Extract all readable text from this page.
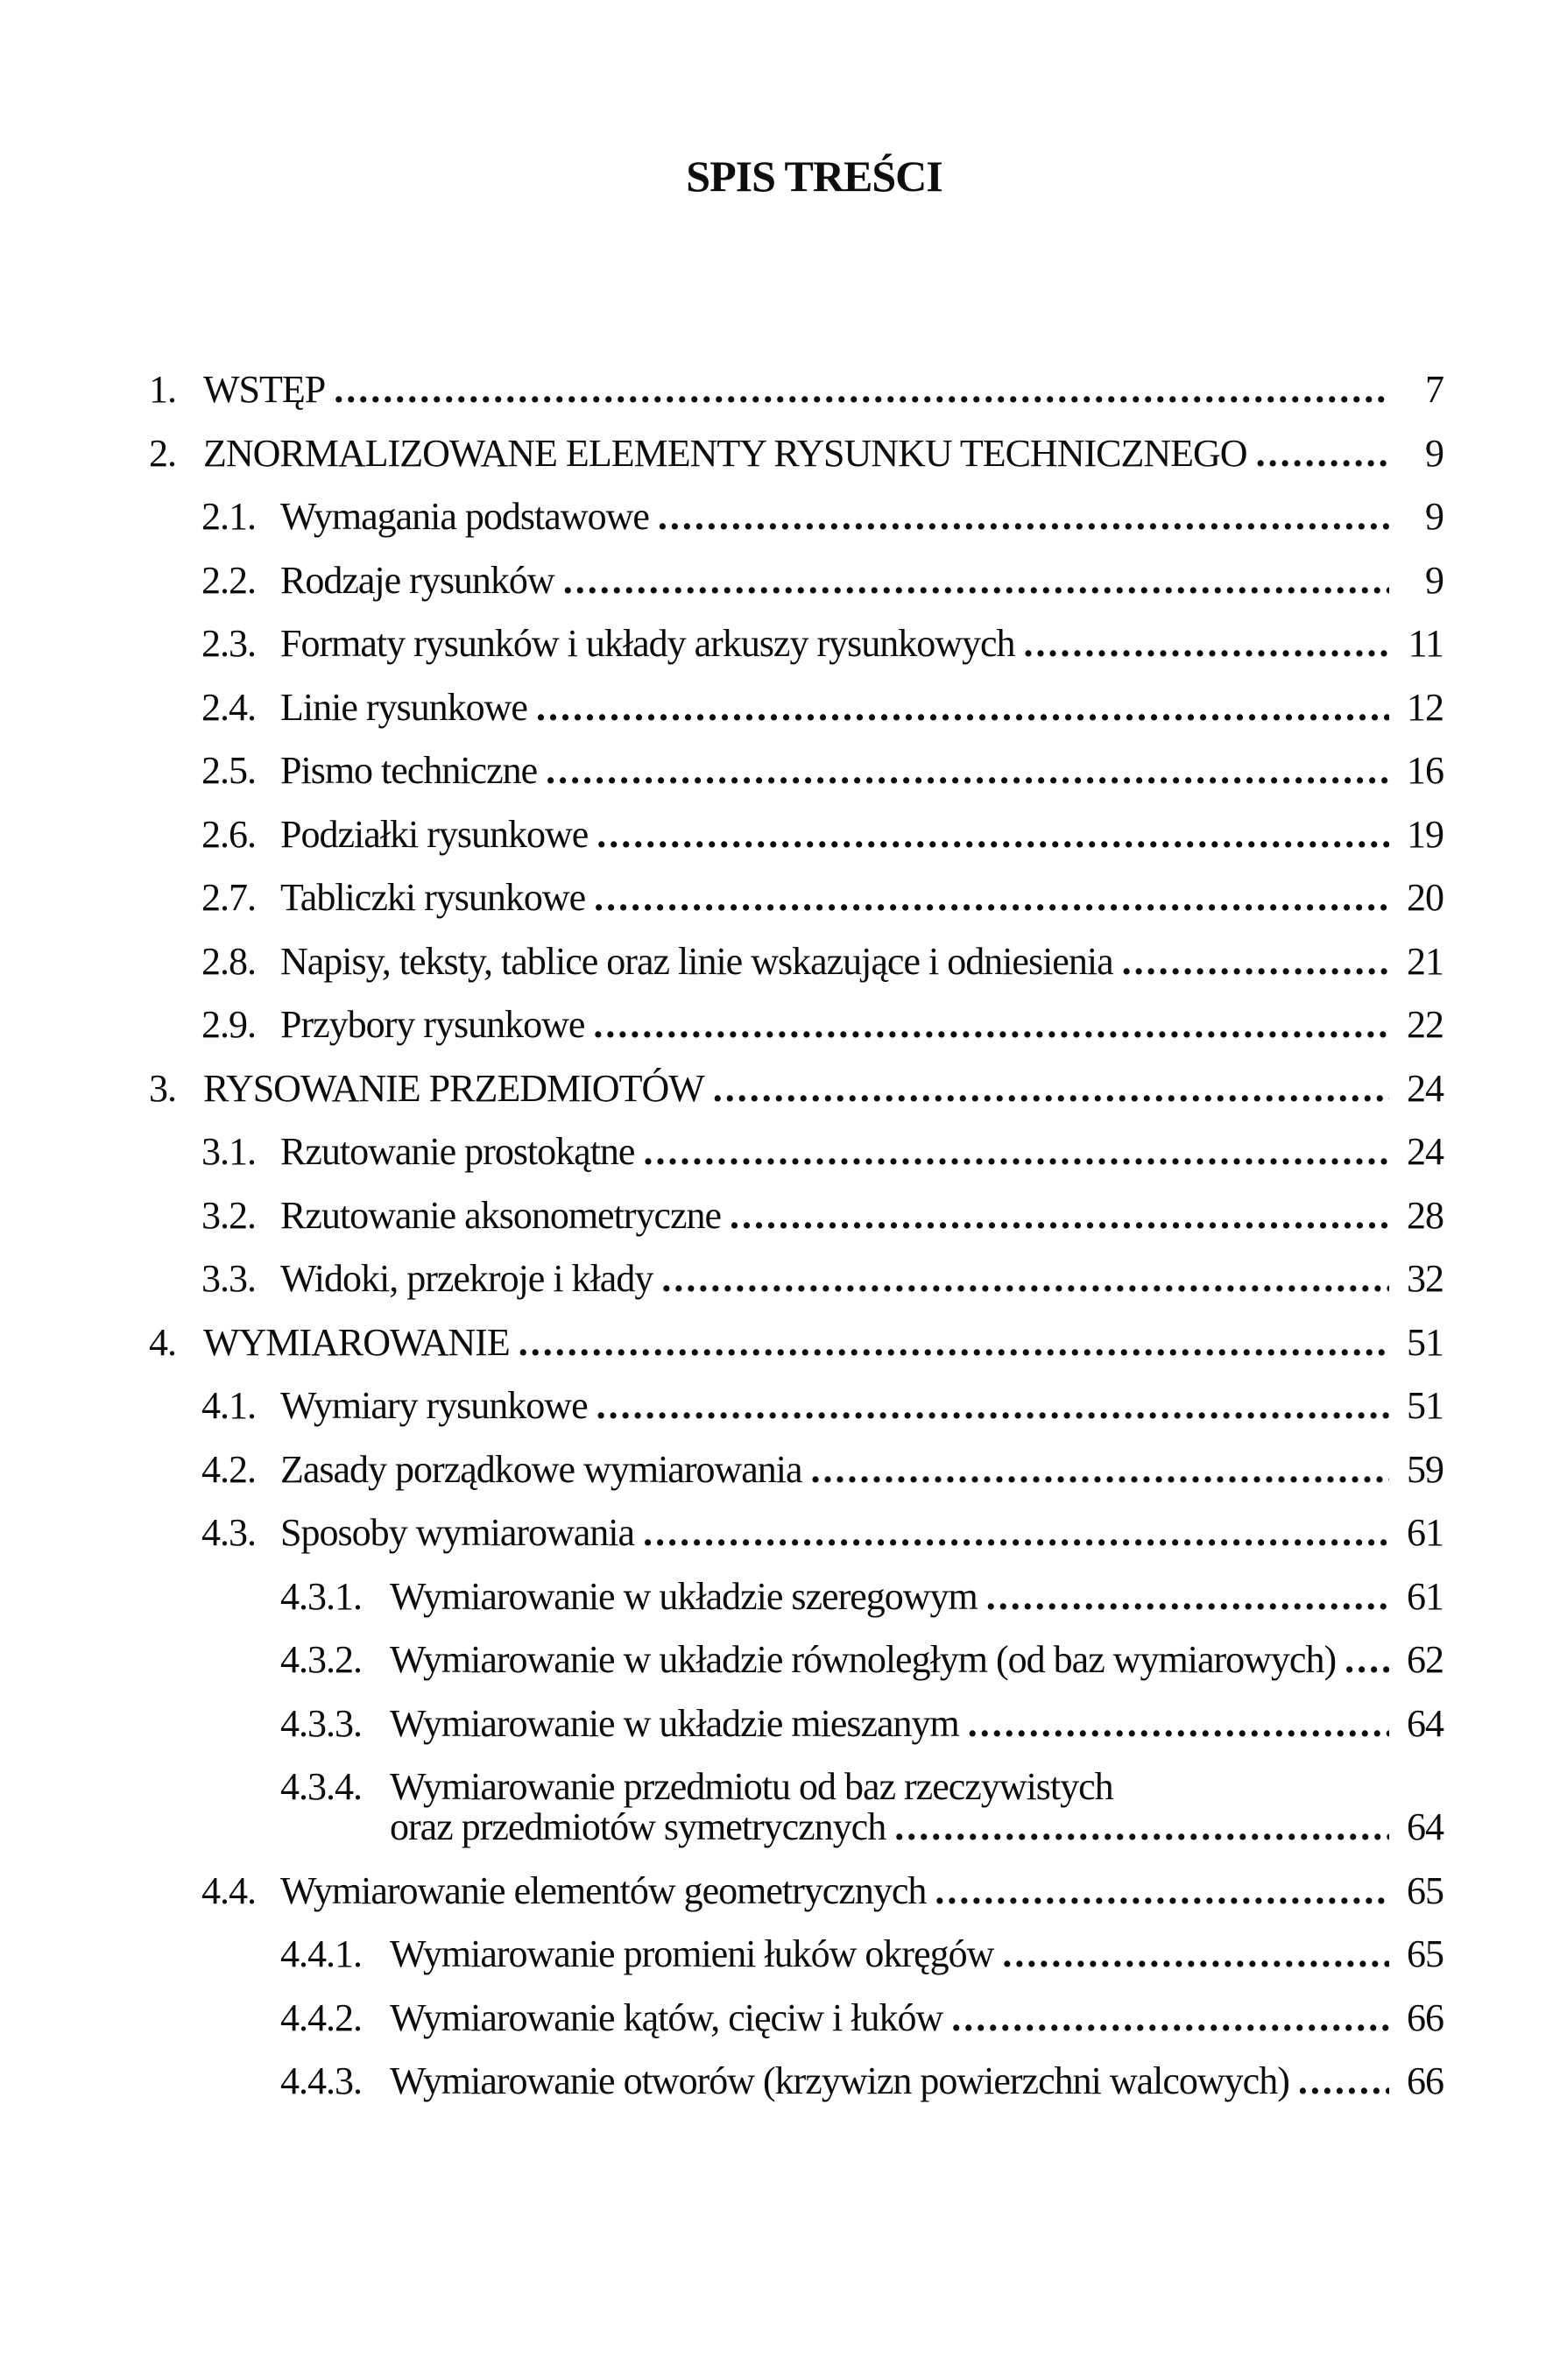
SPIS TREŚCI
1. WSTĘP .....	7
2. ZNORMALIZOWANE ELEMENTY RYSUNKU TECHNICZNEGO .....	9
2.1. Wymagania podstawowe .....	9
2.2. Rodzaje rysunków .....	9
2.3. Formaty rysunków i układy arkuszy rysunkowych .....	11
2.4. Linie rysunkowe .....	12
2.5. Pismo techniczne .....	16
2.6. Podziałki rysunkowe .....	19
2.7. Tabliczki rysunkowe .....	20
2.8. Napisy, teksty, tablice oraz linie wskazujące i odniesienia .....	21
2.9. Przybory rysunkowe .....	22
3. RYSOWANIE PRZEDMIOTÓW .....	24
3.1. Rzutowanie prostokątne .....	24
3.2. Rzutowanie aksonometryczne .....	28
3.3. Widoki, przekroje i kłady .....	32
4. WYMIAROWANIE .....	51
4.1. Wymiary rysunkowe .....	51
4.2. Zasady porządkowe wymiarowania .....	59
4.3. Sposoby wymiarowania .....	61
4.3.1. Wymiarowanie w układzie szeregowym .....	61
4.3.2. Wymiarowanie w układzie równoległym (od baz wymiarowych) ..... 62
4.3.3. Wymiarowanie w układzie mieszanym .....	64
4.3.4. Wymiarowanie przedmiotu od baz rzeczywistych
oraz przedmiotów symetrycznych .....	64
4.4. Wymiarowanie elementów geometrycznych .....	65
4.4.1. Wymiarowanie promieni łuków okręgów .....	65
4.4.2. Wymiarowanie kątów, cięciw i łuków .....	66
4.4.3. Wymiarowanie otworów (krzywizn powierzchni walcowych) .....	66
